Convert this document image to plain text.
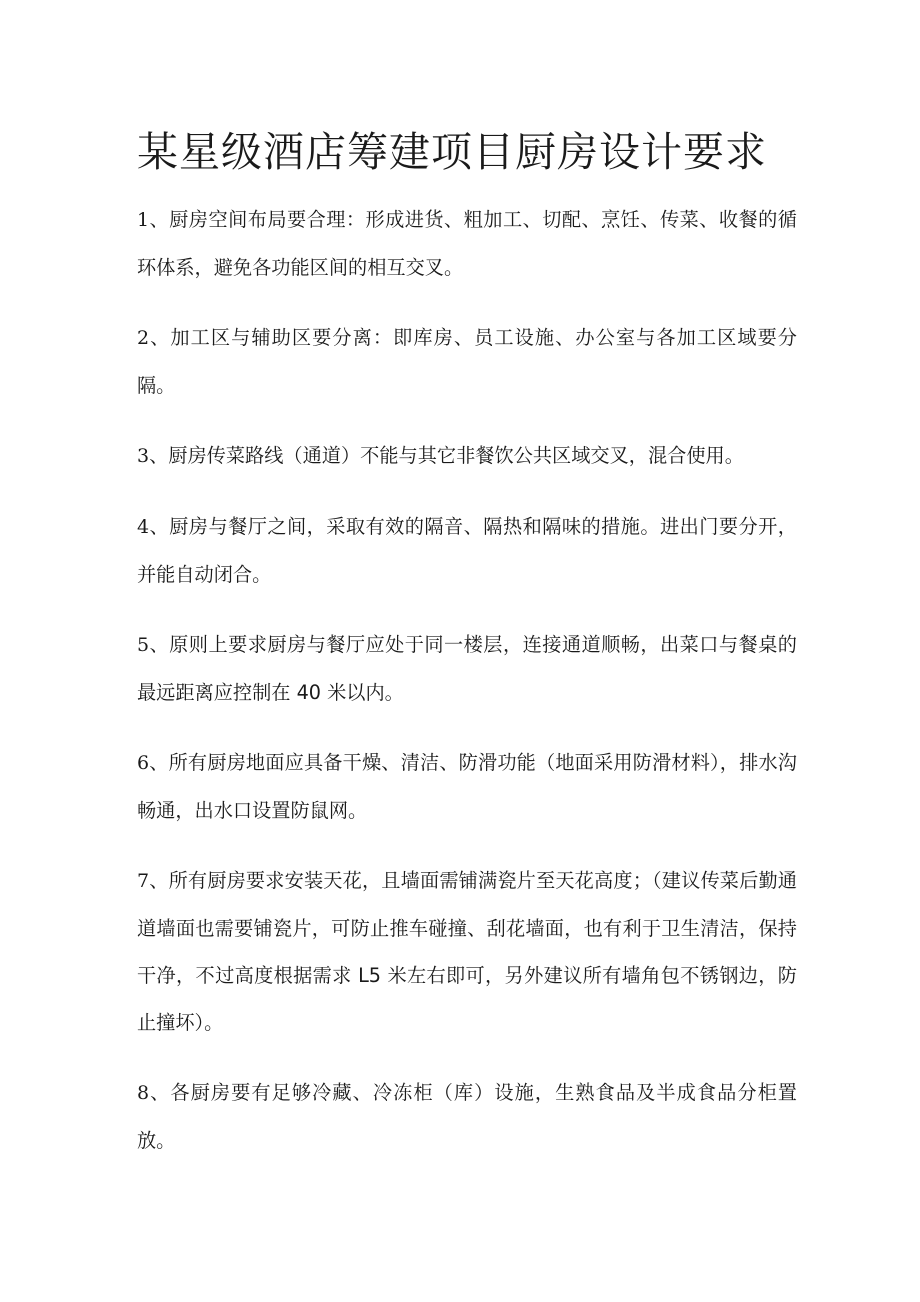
某星级酒店筹建项目厨房设计要求

1、厨房空间布局要合理：形成进货、粗加工、切配、烹饪、传菜、收餐的循环体系，避免各功能区间的相互交叉。

2、加工区与辅助区要分离：即库房、员工设施、办公室与各加工区域要分隔。

3、厨房传菜路线（通道）不能与其它非餐饮公共区域交叉，混合使用。

4、厨房与餐厅之间，采取有效的隔音、隔热和隔味的措施。进出门要分开，并能自动闭合。

5、原则上要求厨房与餐厅应处于同一楼层，连接通道顺畅，出菜口与餐桌的最远距离应控制在 40 米以内。

6、所有厨房地面应具备干燥、清洁、防滑功能（地面采用防滑材料），排水沟畅通，出水口设置防鼠网。

7、所有厨房要求安装天花，且墙面需铺满瓷片至天花高度；（建议传菜后勤通道墙面也需要铺瓷片，可防止推车碰撞、刮花墙面，也有利于卫生清洁，保持干净，不过高度根据需求 L5 米左右即可，另外建议所有墙角包不锈钢边，防止撞坏）。

8、各厨房要有足够冷藏、冷冻柜（库）设施，生熟食品及半成食品分柜置放。
